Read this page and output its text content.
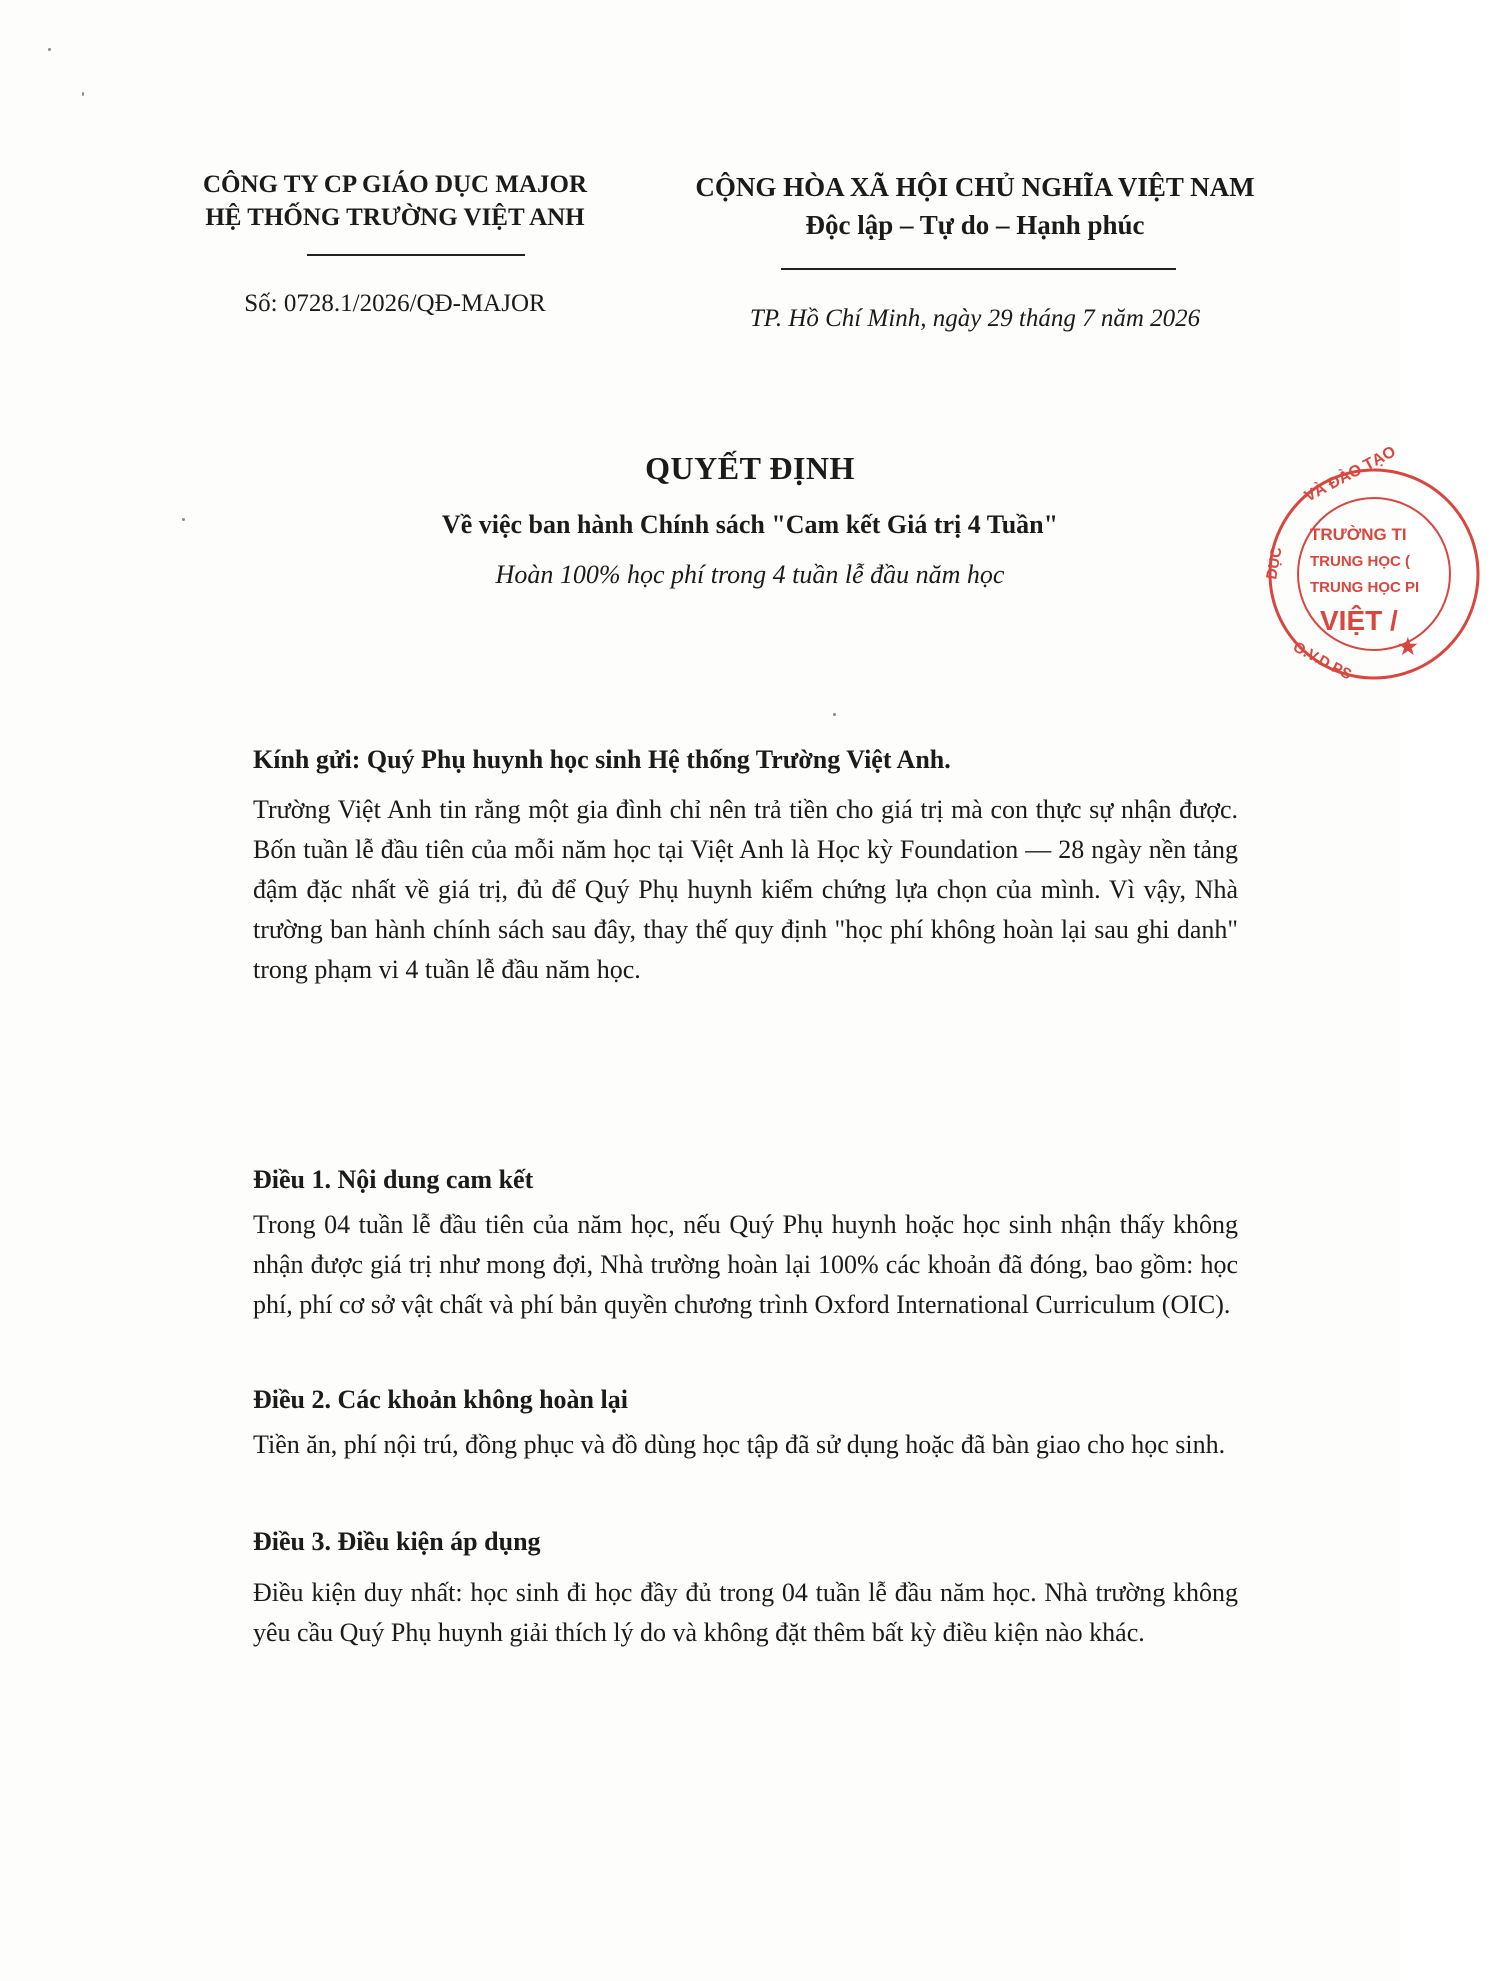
CÔNG TY CP GIÁO DỤC MAJOR
HỆ THỐNG TRƯỜNG VIỆT ANH
CỘNG HÒA XÃ HỘI CHỦ NGHĨA VIỆT NAM
Độc lập – Tự do – Hạnh phúc
Số: 0728.1/2026/QĐ-MAJOR
TP. Hồ Chí Minh, ngày 29 tháng 7 năm 2026
QUYẾT ĐỊNH
Về việc ban hành Chính sách "Cam kết Giá trị 4 Tuần"
Hoàn 100% học phí trong 4 tuần lễ đầu năm học
TRƯỜNG TI
TRUNG HỌC (
TRUNG HỌC PI
VIỆT /
VÀ ĐÀO TẠO
DỤC
O.V.D PS ★
Kính gửi: Quý Phụ huynh học sinh Hệ thống Trường Việt Anh.
Trường Việt Anh tin rằng một gia đình chỉ nên trả tiền cho giá trị mà con thực sự nhận được. Bốn tuần lễ đầu tiên của mỗi năm học tại Việt Anh là Học kỳ Foundation — 28 ngày nền tảng đậm đặc nhất về giá trị, đủ để Quý Phụ huynh kiểm chứng lựa chọn của mình. Vì vậy, Nhà trường ban hành chính sách sau đây, thay thế quy định "học phí không hoàn lại sau ghi danh" trong phạm vi 4 tuần lễ đầu năm học.
Điều 1. Nội dung cam kết
Trong 04 tuần lễ đầu tiên của năm học, nếu Quý Phụ huynh hoặc học sinh nhận thấy không nhận được giá trị như mong đợi, Nhà trường hoàn lại 100% các khoản đã đóng, bao gồm: học phí, phí cơ sở vật chất và phí bản quyền chương trình Oxford International Curriculum (OIC).
Điều 2. Các khoản không hoàn lại
Tiền ăn, phí nội trú, đồng phục và đồ dùng học tập đã sử dụng hoặc đã bàn giao cho học sinh.
Điều 3. Điều kiện áp dụng
Điều kiện duy nhất: học sinh đi học đầy đủ trong 04 tuần lễ đầu năm học. Nhà trường không yêu cầu Quý Phụ huynh giải thích lý do và không đặt thêm bất kỳ điều kiện nào khác.
